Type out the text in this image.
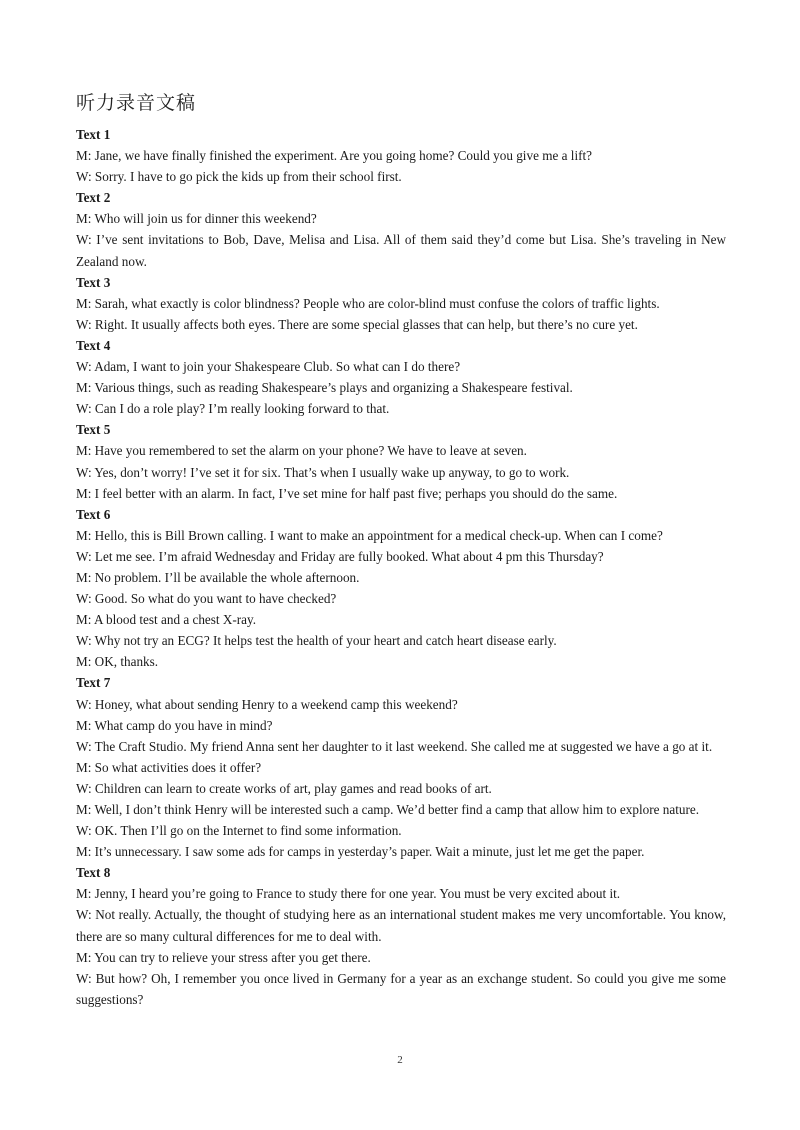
听力录音文稿

Text 1

M: Jane, we have finally finished the experiment. Are you going home? Could you give me a lift?

W: Sorry. I have to go pick the kids up from their school first.

Text 2

M: Who will join us for dinner this weekend?

W: I’ve sent invitations to Bob, Dave, Melisa and Lisa. All of them said they’d come but Lisa. She’s traveling in New Zealand now.

Text 3

M: Sarah, what exactly is color blindness? People who are color-blind must confuse the colors of traffic lights.

W: Right. It usually affects both eyes. There are some special glasses that can help, but there’s no cure yet.

Text 4

W: Adam, I want to join your Shakespeare Club. So what can I do there?

M: Various things, such as reading Shakespeare’s plays and organizing a Shakespeare festival.

W: Can I do a role play? I’m really looking forward to that.

Text 5

M: Have you remembered to set the alarm on your phone? We have to leave at seven.

W: Yes, don’t worry! I’ve set it for six. That’s when I usually wake up anyway, to go to work.

M: I feel better with an alarm. In fact, I’ve set mine for half past five; perhaps you should do the same.

Text 6

M: Hello, this is Bill Brown calling. I want to make an appointment for a medical check-up. When can I come?

W: Let me see. I’m afraid Wednesday and Friday are fully booked. What about 4 pm this Thursday?

M: No problem. I’ll be available the whole afternoon.

W: Good. So what do you want to have checked?

M: A blood test and a chest X-ray.

W: Why not try an ECG? It helps test the health of your heart and catch heart disease early.

M: OK, thanks.

Text 7

W: Honey, what about sending Henry to a weekend camp this weekend?

M: What camp do you have in mind?

W: The Craft Studio. My friend Anna sent her daughter to it last weekend. She called me at suggested we have a go at it.

M: So what activities does it offer?

W: Children can learn to create works of art, play games and read books of art.

M: Well, I don’t think Henry will be interested such a camp. We’d better find a camp that allow him to explore nature.

W: OK. Then I’ll go on the Internet to find some information.

M: It’s unnecessary. I saw some ads for camps in yesterday’s paper. Wait a minute, just let me get the paper.

Text 8

M: Jenny, I heard you’re going to France to study there for one year. You must be very excited about it.

W: Not really. Actually, the thought of studying here as an international student makes me very uncomfortable. You know, there are so many cultural differences for me to deal with.

M: You can try to relieve your stress after you get there.

W: But how? Oh, I remember you once lived in Germany for a year as an exchange student. So could you give me some suggestions?

2
